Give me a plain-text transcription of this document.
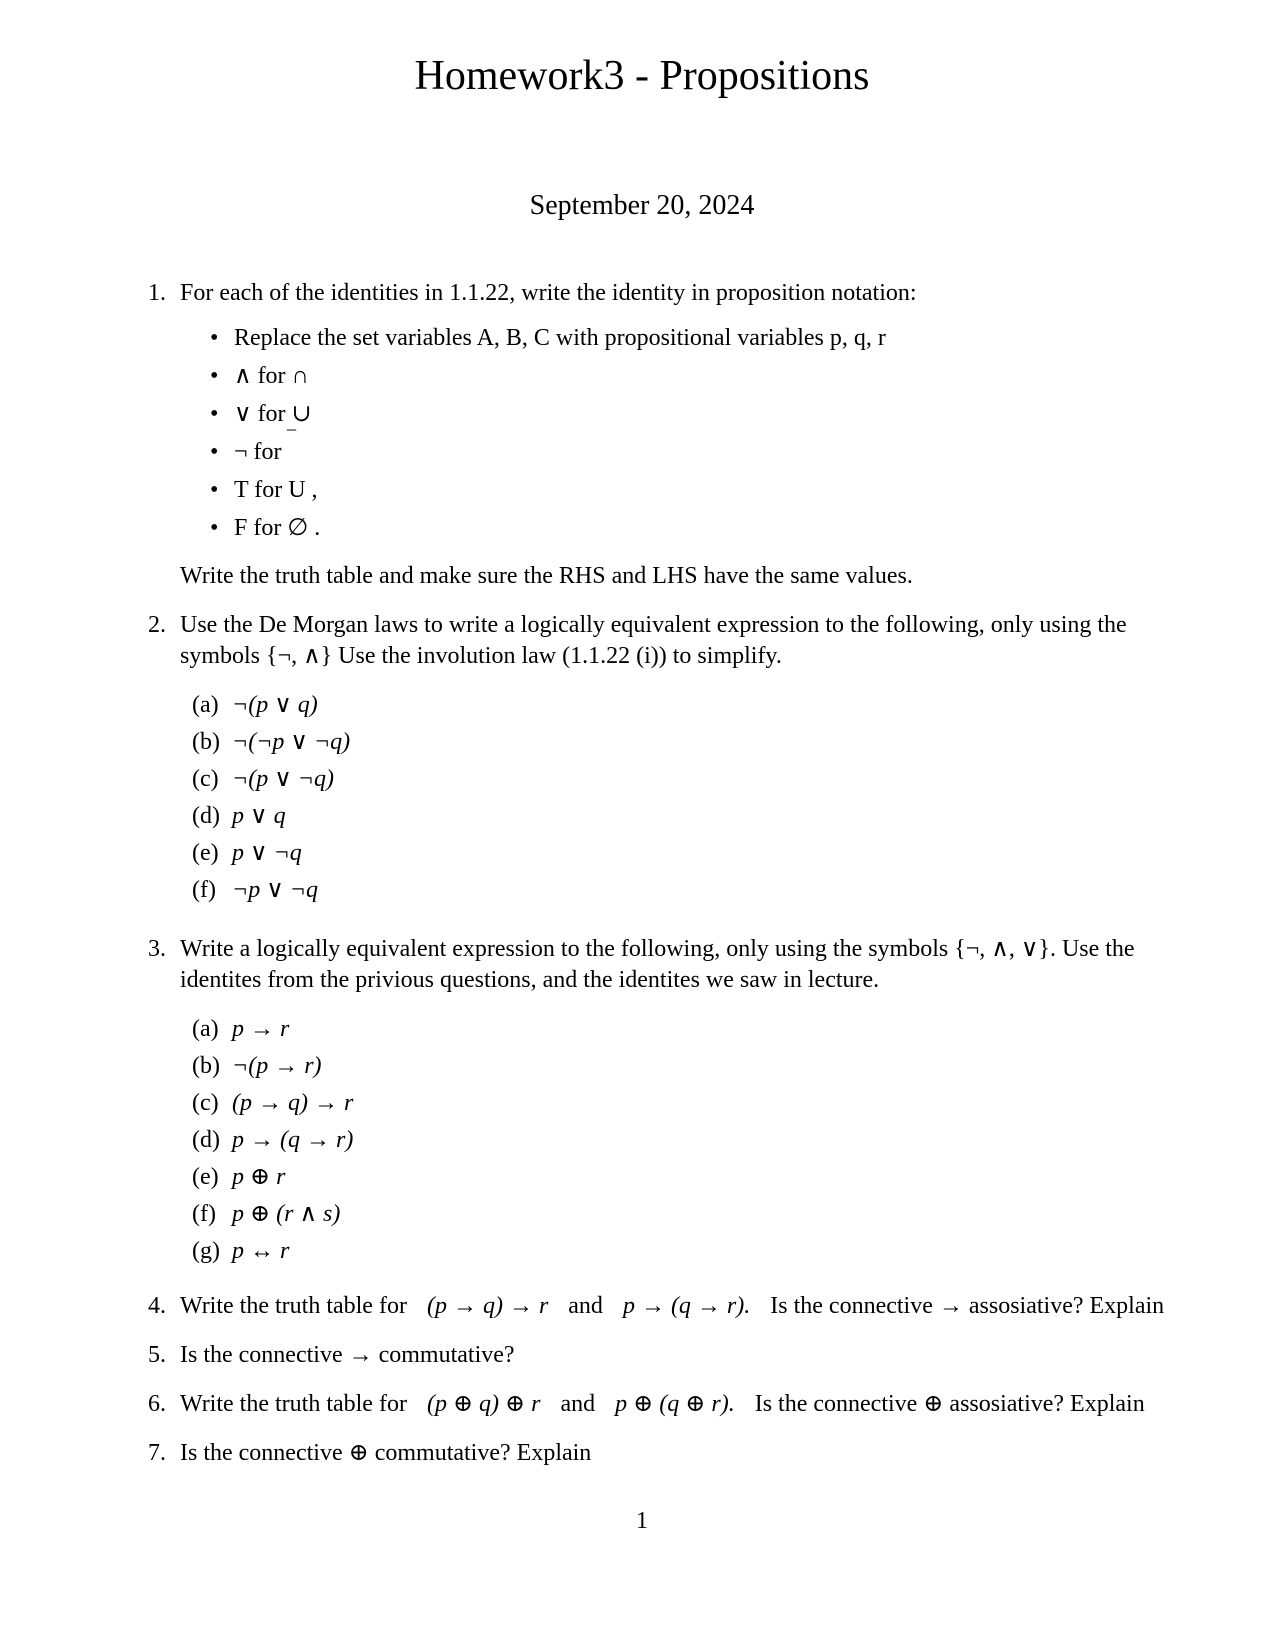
Homework3 - Propositions
September 20, 2024
1. For each of the identities in 1.1.22, write the identity in proposition notation:
• Replace the set variables A, B, C with propositional variables p, q, r
• ∧ for ∩
• ∨ for ∪
• ¬ for ‾
• T for U ,
• F for ∅ .
Write the truth table and make sure the RHS and LHS have the same values.
2. Use the De Morgan laws to write a logically equivalent expression to the following, only using the symbols {¬, ∧} Use the involution law (1.1.22 (i)) to simplify.
(a) ¬(p ∨ q)
(b) ¬(¬p ∨ ¬q)
(c) ¬(p ∨ ¬q)
(d) p ∨ q
(e) p ∨ ¬q
(f) ¬p ∨ ¬q
3. Write a logically equivalent expression to the following, only using the symbols {¬, ∧, ∨}. Use the identites from the privious questions, and the identites we saw in lecture.
(a) p → r
(b) ¬(p → r)
(c) (p → q) → r
(d) p → (q → r)
(e) p ⊕ r
(f) p ⊕ (r ∧ s)
(g) p ↔ r
4. Write the truth table for (p → q) → r and p → (q → r). Is the connective → assosiative? Explain
5. Is the connective → commutative?
6. Write the truth table for (p ⊕ q) ⊕ r and p ⊕ (q ⊕ r). Is the connective ⊕ assosiative? Explain
7. Is the connective ⊕ commutative? Explain
1
